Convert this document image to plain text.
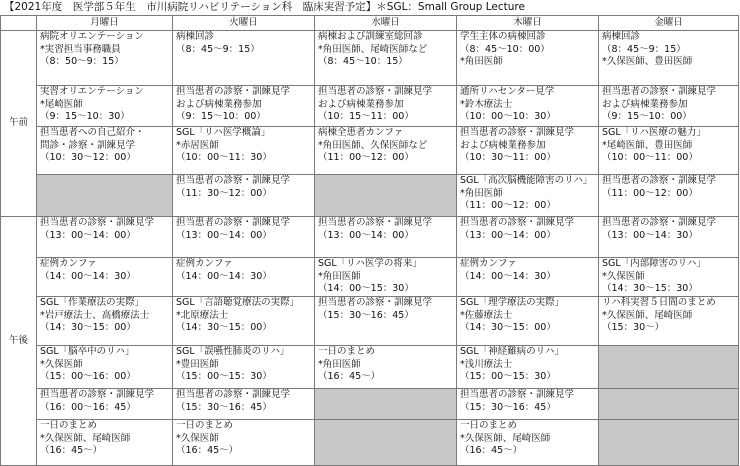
【2021年度　医学部５年生　市川病院リハビリテーション科　臨床実習予定】＊SGL：Small Group Lecture
	月曜日	火曜日	水曜日	木曜日	金曜日
午前	病院オリエンテーション
*実習担当事務職員
（8：50〜9：15）	病棟回診
（8：45〜9：15）	病棟および訓練室総回診
*角田医師、尾崎医師など
（8：45〜10：15）	学生主体の病棟回診
（8：45〜10：00）
*角田医師	病棟回診
（8：45〜9：15）
*久保医師、豊田医師

	実習オリエンテーション
*尾崎医師
（9：15〜10：30）	担当患者の診察・訓練見学
および病棟業務参加
（9：15〜10：00）	担当患者の診察・訓練見学
および病棟業務参加
（10：15〜11：00）	通所リハセンター見学
*鈴木療法士
（10：00〜10：30）	担当患者の診察・訓練見学
および病棟業務参加
（9：15〜10：00）

	担当患者への自己紹介・
問診・診察・訓練見学
（10：30〜12：00）	SGL「リハ医学概論」
*赤居医師
（10：00〜11：30）	病棟全患者カンファ
*角田医師、久保医師など
（11：00〜12：00）	担当患者の診察・訓練見学
および病棟業務参加
（10：30〜11：00）	SGL「リハ医療の魅力」
*尾崎医師、豊田医師
（10：00〜11：00）

		担当患者の診察・訓練見学
（11：30〜12：00）		SGL「高次脳機能障害のリハ」
*角田医師
（11：00〜12：00）	担当患者の診察・訓練見学
（11：00〜12：00）

午後	担当患者の診察・訓練見学
（13：00〜14：00）	担当患者の診察・訓練見学
（13：00〜14：00）	担当患者の診察・訓練見学
（13：00〜14：00）	担当患者の診察・訓練見学
（13：00〜14：00）	担当患者の診察・訓練見学
（13：00〜14：30）

	症例カンファ
（14：00〜14：30）	症例カンファ
（14：00〜14：30）	SGL「リハ医学の将来」
*角田医師
（14：00〜15：30）	症例カンファ
（14：00〜14：30）	SGL「内部障害のリハ」
*久保医師
（14：30〜15：30）

	SGL「作業療法の実際」
*岩戸療法士、高橋療法士
（14：30〜15：00）	SGL「言語聴覚療法の実際」
*北原療法士
（14：30〜15：00）	担当患者の診察・訓練見学
（15：30〜16：45）	SGL「理学療法の実際」
*佐藤療法士
（14：30〜15：00）	リハ科実習５日間のまとめ
*久保医師、尾崎医師
（15：30〜）

	SGL「脳卒中のリハ」
*久保医師
（15：00〜16：00）	SGL「誤嚥性肺炎のリハ」
*豊田医師
（15：00〜15：30）	一日のまとめ
*角田医師
（16：45〜）	SGL「神経難病のリハ」
*浅川療法士
（15：00〜15：30）	

	担当患者の診察・訓練見学
（16：00〜16：45）	担当患者の診察・訓練見学
（15：30〜16：45）		担当患者の診察・訓練見学
（15：30〜16：45）	

	一日のまとめ
*久保医師、尾崎医師
（16：45〜）	一日のまとめ
*久保医師
（16：45〜）		一日のまとめ
*久保医師、尾崎医師
（16：45〜）	
